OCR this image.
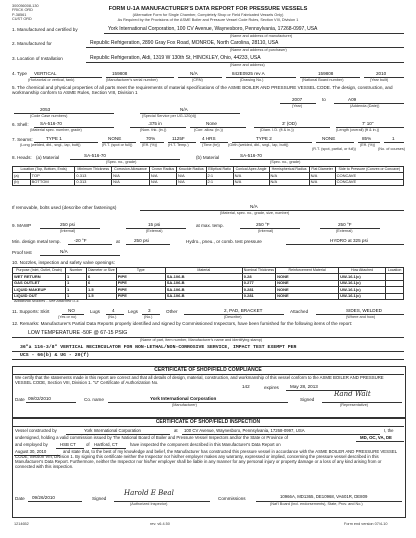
300056008-130
FRICK ORD
P-38561
CUST ORD
FORM U-1A MANUFACTURER'S DATA REPORT FOR PRESSURE VESSELS
(Alternative Form for Single Chamber, Completely Shop or Field Fabricated Vessels Only)
As Required by the Provisions of the ASME Boiler and Pressure Vessel Code Rules, Section VIII, Division 1
1. Manufactured and certified by	York International Corporation, 100 CV Avenue, Waynesboro, Pennsylvania, 17268-0997, USA
(Name and address of manufacturer)
2. Manufactured for	Republic Refrigeration, 2890 Gray Fox Road, MONROE, North Carolina, 28110, USA
(Name and address of purchaser)
3. Location of Installation	Republic Refrigeration, Aldi, 1319 W 130th St, HINCKLEY, Ohio, 44233, USA
(Name and address)
4. Type VERTICAL
(Horizontal or vertical, tank)
159808
(Manufacturer's serial number)
N/A
(CRN)
842E0925 rev A
(Drawing No.)
159808
(National Board number)
2010
(Year built)
5. The chemical and physical properties of all parts meet the requirements of material specifications of the ASME BOILER AND PRESSURE VESSEL CODE. The design, construction, and workmanship conform to ASME Rules, Section VIII, Division 1
2007
(Year)
to	A09
(Addenda (Date))
2053
(Code Case numbers)
N/A
(Special Service per UG-120(d))
6. Shell: SA-516-70
(Material spec. number, grade)
.375 in
(Nom. thk. (in.))
None
(Corr. allow. (in.))
3' (OD)
(Diam. I.D. (ft & in.))
7' 10"
(Length (overall) (ft & in.))
7. Seams:	TYPE 1
(Long (welded, dbl., sngl., lap, butt))
NONE
(R.T. (spot or full))
70%
(Eff. (%))
1125F
(H.T. Temp.)
4 HRS
(Time (hr))
TYPE 2
(Girth (welded, dbl., sngl., lap, butt))
NONE
(R.T. (spot, partial, or full))
85%
(Eff. (%))
1
(No. of courses)
8. Heads: (a) Material	SA-516-70
(Spec. no., grade)
(b) Material	SA-516-70
(Spec. no., grade)
Location (Top, Bottom, Ends)		Minimum Thickness	Corrosion Allowance	Crown Radius	Knuckle Radius	Elliptical Ratio	Conical Apex Angle	Hemispherical Radius	Flat Diameter	Side to Pressure (Convex or Concave)
(a)	TOP	0.313	N/A	N/A	N/A	2:1	N/A	N/A	N/A	CONCAVE
(b)	BOTTOM	0.313	N/A	N/A	N/A	2:1	N/A	N/A	N/A	CONCAVE
If removable, bolts used (describe other fastenings)	N/A
(Material, spec. no., grade, size, number)
9. MAWP	250 psi
(Internal)
15 psi
(External)
at max. temp.	250 °F
(Internal)
250 °F
(External)
Min. design metal temp.	-20 °F	at	250 psi	Hydro., pneu., or comb. test pressure	HYDRO at 325 psi
Proof test	N/A
10. Nozzles, inspection and safety valve openings:
Purpose (Inlet, Outlet, Drain)	Number	Diameter or Size	Type	Material	Nominal Thickness	Reinforcement Material	How Attached	Location
WET RETURN	1	6	PIPE	SA-106-B	0.28	NONE	UW-16.1(c)	
GAS OUTLET	1	6	PIPE	SA-106-B	0.277	NONE	UW-16.1(c)	
LIQUID MAKEUP	1	1.5	PIPE	SA-106-B	0.281	NONE	UW-16.1(c)	
LIQUID OUT	1	1.5	PIPE	SA-106-B	0.281	NONE	UW-16.1(c)	
Additional Nozzles - See Attached U-4.
11. Supports: Skirt	NO
(Yes or no)
Lugs	4
(No.)
Legs 3
(No.)
Other	2, PAD, BRACKET
(Describe)
Attached	SIDES, WELDED
(Where and how)
12. Remarks: Manufacturer's Partial Data Reports properly identified and signed by Commissioned Inspectors, have been furnished for the following items of the report:
LOW TEMPERATURE -50F @ 67-15 PSIG
(Name of part, item number, Manufacturer's name and identifying stamp)
36"a 116-3/8" VERTICAL RECIRCULATOR FOR NON-LETHAL/NON-CORROSIVE SERVICE, IMPACT TEST EXEMPT PER
UCS - 66(b) & UG - 20(f)
CERTIFICATE OF SHOP/FIELD COMPLIANCE
We certify that the statements made in this report are correct and that all details of design, material, construction, and workmanship of this vessel conform to the ASME BOILER AND PRESSURE VESSEL CODE, Section VIII, Division 1. "U" Certificate of Authorization No.
142	expires May 28, 2013
Date 09/02/2010	Co. name	York International Corporation
(Manufacturer)
Signed
Rand Walt
(Representative)
CERTIFICATE OF SHOP/FIELD INSPECTION
Vessel constructed by	York International Corporation	at 100 CV Avenue, Waynesboro, Pennsylvania, 17268-0997, USA	I, the
undersigned, holding a valid commission issued by The National Board of Boiler and Pressure Vessel Inspectors and/or the State or Province of	MD, OC, VA, DE
and employed by	HSB CT of Hartford, CT	have inspected the component described in this Manufacturer's Data Report on
August 30, 2010	and state that, to the best of my knowledge and belief, the Manufacturer has constructed this pressure vessel in accordance with the ASME BOILER AND PRESSURE VESSEL CODE, Section VIII, Division 1. By signing this certificate neither the Inspector nor his/her employer makes any warranty, expressed or implied, concerning the pressure vessel described in this Manufacturer's Data Report. Furthermore, neither the Inspector nor his/her employer shall be liable in any manner for any personal injury or property damage or a loss of any kind arising from or connected with this inspection.
Date 09/26/2010	Signed
Harold E Beal
(Authorized Inspector)
Commissions	10966A, MD1365, DE10968, VA601R, DE809
(Nat'l Board (incl. endorsements), State, Prov. and No.)
1214652	rev: v6.4.50	Form end version 07/4-10
